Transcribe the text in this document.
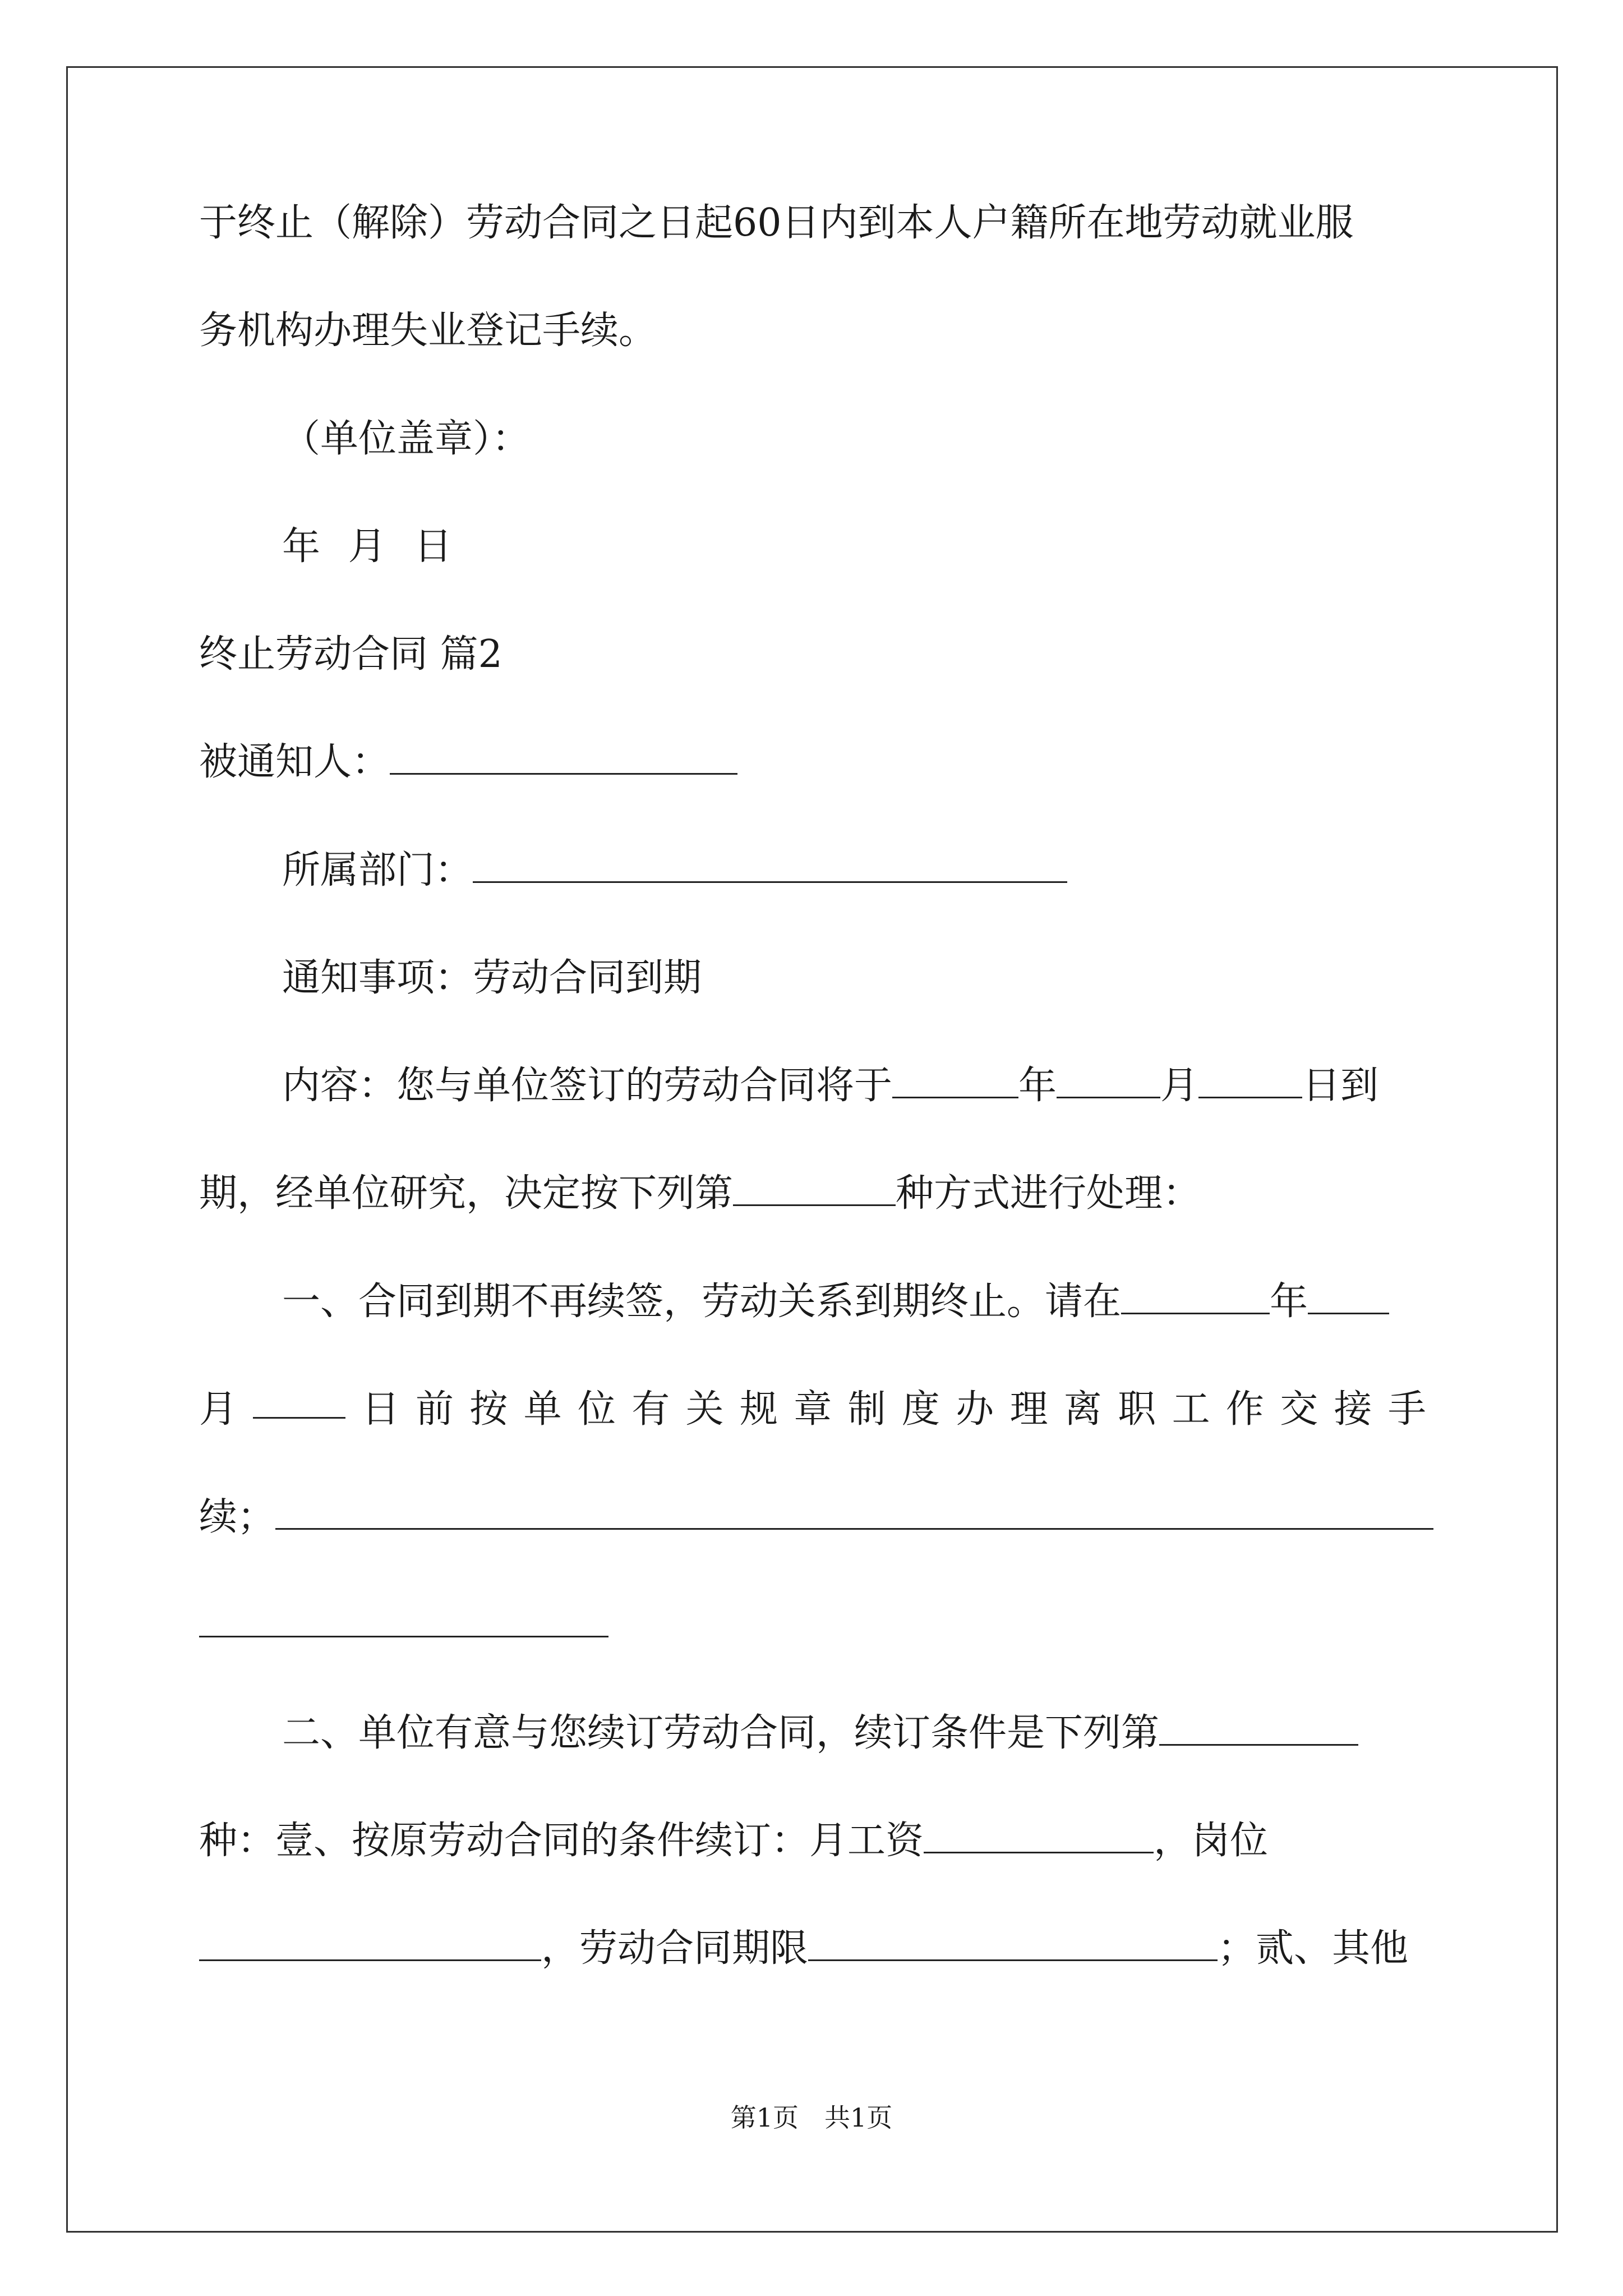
于终止（解除）劳动合同之日起60日内到本人户籍所在地劳动就业服
务机构办理失业登记手续。
（单位盖章）：
年 月 日
终止劳动合同 篇2
被通知人：
所属部门：
通知事项：劳动合同到期
内容：您与单位签订的劳动合同将于	年	月	日到
期，经单位研究，决定按下列第	种方式进行处理：
一、合同到期不再续签，劳动关系到期终止。请在	年
月	日 前 按 单 位 有 关 规 章 制 度 办 理 离 职 工 作 交 接 手
续；
二、单位有意与您续订劳动合同，续订条件是下列第
种：壹、按原劳动合同的条件续订：月工资	，岗位
，劳动合同期限	；贰、其他
第1页　共1页
